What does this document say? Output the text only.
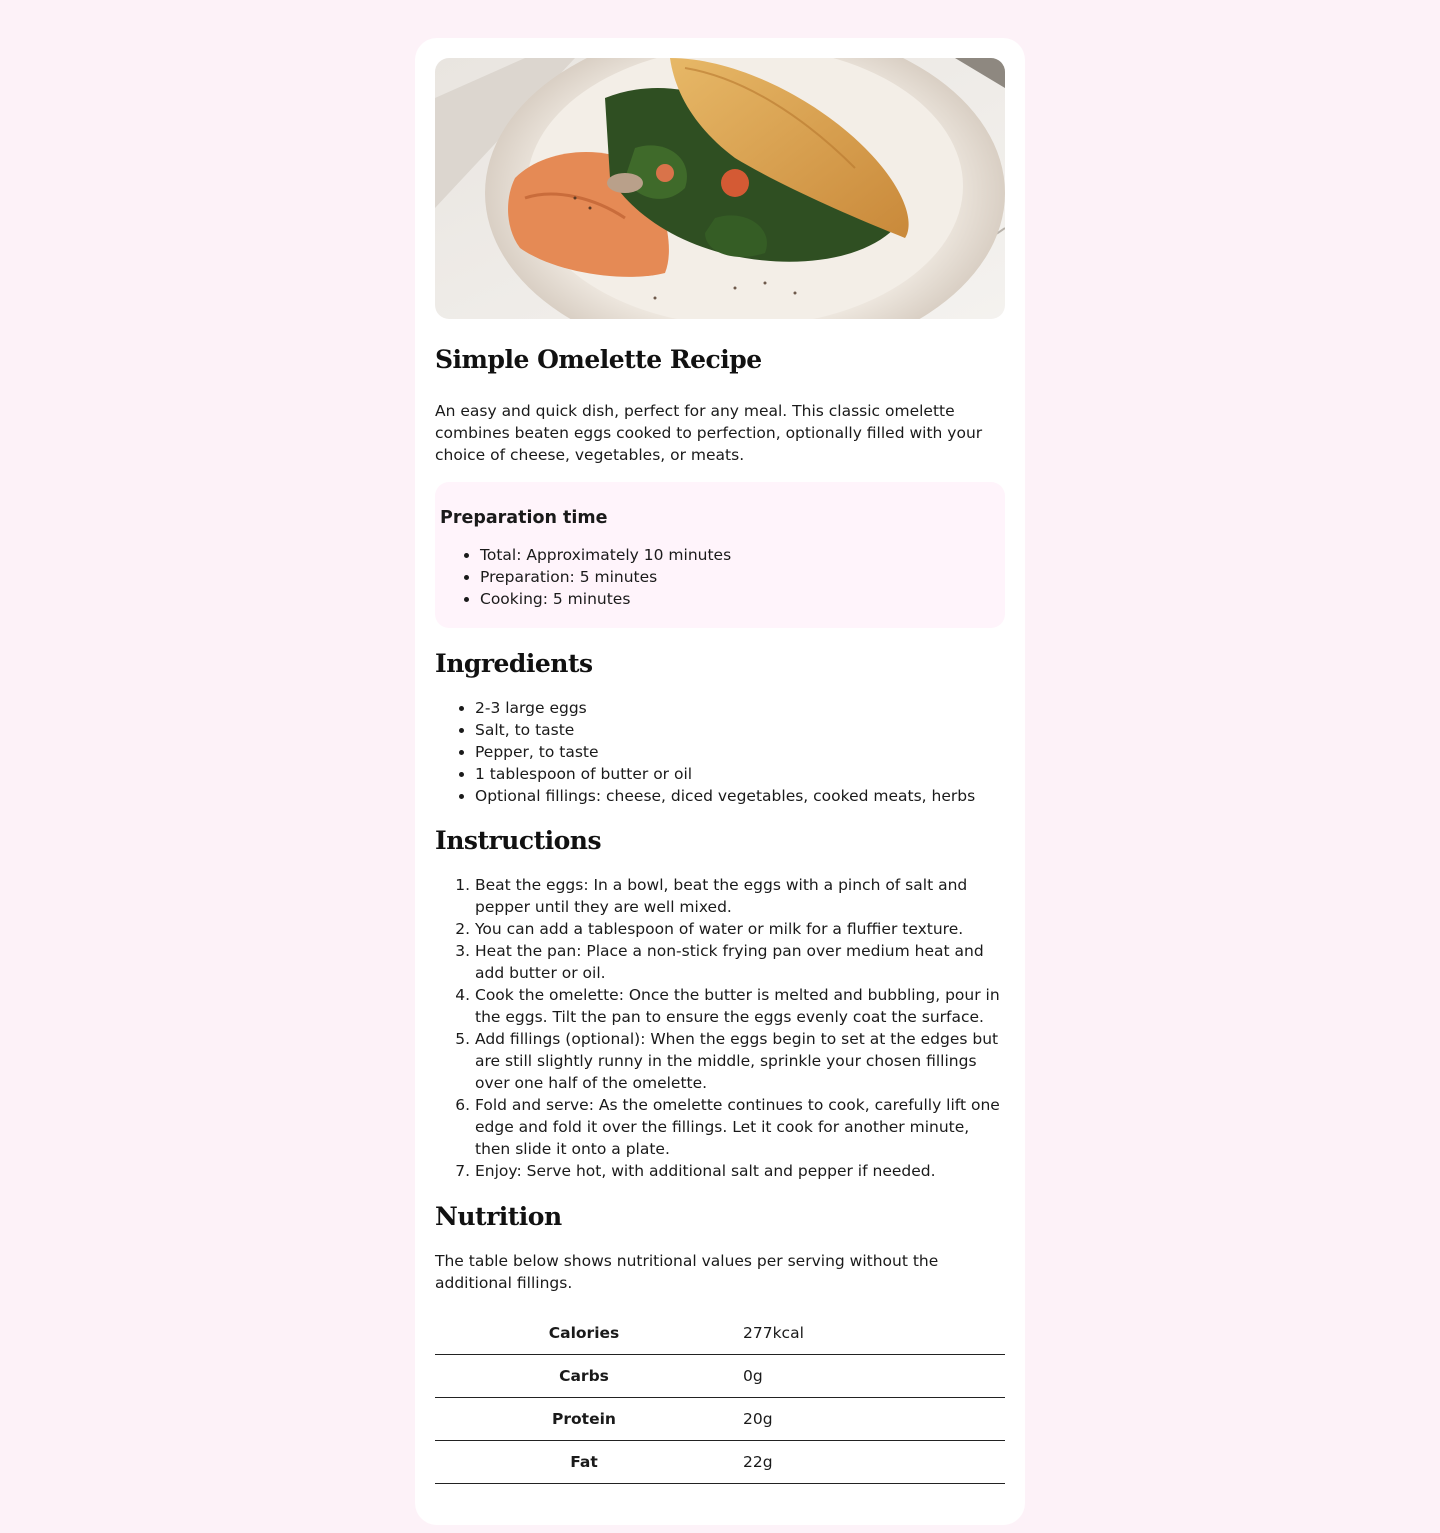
Simple Omelette Recipe

An easy and quick dish, perfect for any meal. This classic omelette combines beaten eggs cooked to perfection, optionally filled with your choice of cheese, vegetables, or meats.

Preparation time
• Total: Approximately 10 minutes
• Preparation: 5 minutes
• Cooking: 5 minutes
Ingredients
• 2-3 large eggs
• Salt, to taste
• Pepper, to taste
• 1 tablespoon of butter or oil
• Optional fillings: cheese, diced vegetables, cooked meats, herbs
Instructions
1. Beat the eggs: In a bowl, beat the eggs with a pinch of salt and pepper until they are well mixed.
2. You can add a tablespoon of water or milk for a fluffier texture.
3. Heat the pan: Place a non-stick frying pan over medium heat and add butter or oil.
4. Cook the omelette: Once the butter is melted and bubbling, pour in the eggs. Tilt the pan to ensure the eggs evenly coat the surface.
5. Add fillings (optional): When the eggs begin to set at the edges but are still slightly runny in the middle, sprinkle your chosen fillings over one half of the omelette.
6. Fold and serve: As the omelette continues to cook, carefully lift one edge and fold it over the fillings. Let it cook for another minute, then slide it onto a plate.
7. Enjoy: Serve hot, with additional salt and pepper if needed.
Nutrition

The table below shows nutritional values per serving without the additional fillings.

Calories	277kcal
Carbs	0g
Protein	20g
Fat	22g
